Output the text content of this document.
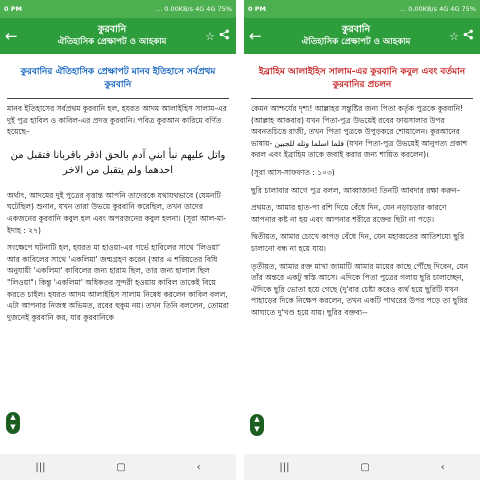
0 PM	... 0.00KB/s 4G 4G 75%
←	কুরবানি
ঐতিহাসিক প্রেক্ষাপট ও আহকাম	☆
কুরবানির ঐতিহাসিক প্রেক্ষাপট মানব ইতিহাসে সর্বপ্রথম কুরবানি

মানব ইতিহাসের সর্বপ্রথম কুরবানি হল, হযরত আদম আলাইহিস সালাম-এর দুই পুত্র হাবিল ও কাবিল-এর প্রদত্ত কুরবানি। পবিত্র কুরআন কারিমে বর্ণিত হয়েছে–

واتل عليهم نبأ ابني آدم بالحق اذقر باقربانا فتقبل من احدهما ولم يتقبل من الاخر

অর্থাৎ, আদমের দুই পুত্রের বৃত্তান্ত আপনি তাদেরকে যথাযথভাবে (যেমনটি ঘটেছিল) শুনান, যখন তারা উভয়ে কুরবানি করেছিল, তখন তাদের একজনের কুরবানি কবুল হল এবং অপরজনের কবুল হলনা। (সূরা আল-মা-ইদাহ : ২৭)

সংক্ষেপে ঘটনাটি হল, হযরত মা হাওয়া-এর গর্ভে হাবিলের সাথে 'লিওয়া' আর কাবিলের সাথে 'একলিমা' জন্মগ্রহণ করেন (আর এ শরিয়তের বিধি অনুযায়ী 'একলিমা' কাবিলের জন্য হারাম ছিল, তার জন্য হালাল ছিল "লিওয়া"। কিন্তু 'একলিমা' অধিকতর সুন্দরী হওয়ায় কাবিল তাকেই বিয়ে করতে চাইল। হযরত আদম আলাইহিস সালাম নিষেধ করলেন কাবিল বলল, এটা আপনার নিজস্ব অভিমত, রবের হুকুম নয়। তখন তিনি বললেন, তোমরা দুজনেই কুরবানি কর, যার কুরবানিকে

▲
▼
|||	▢	‹
0 PM	... 0.00KB/s 4G 4G 75%
←	কুরবানি
ঐতিহাসিক প্রেক্ষাপট ও আহকাম	☆
ইব্রাহিম আলাইহিস সালাম-এর কুরবানি কবুল এবং বর্তমান কুরবানির প্রচলন

কেমন আশ্চর্যের দৃশ্য! আল্লাহর সন্তুষ্টির জন্য পিতা কর্তৃক পুত্রকে কুরবানি! (আল্লাহ আকবার) যখন পিতা-পুত্র উভয়েই রবের ফায়সালার উপর অবনতচিত্তে রাজী, তখন পিতা পুত্রকে উপুড়করে শোয়ালেন। কুরআনের ভাষায়- فلما اسلما وتله للجبين (যখন পিতা-পুত্র উভয়েই আনুগত্য প্রকাশ করল এবং ইব্রাহিম তাকে জবাই করার জন্য শায়িত করলেন)।

(সূরা আস-সাফফাত : ১০৩)

ছুরি চালাবার আগে পুত্র বলল, আব্বাজান! তিনটি আবদার রক্ষা করুন–

প্রথমত, আমার হাত-পা রশি দিয়ে বেঁধে দিন, যেন নড়াচড়ার কারণে আপনার কষ্ট না হয় এবং আপনার শরীরে রক্তের ছিটা না পড়ে।

দ্বিতীয়ত, আমার চোখে কাপড় বেঁধে দিন, যেন মহাব্বতের আতিশয্যে ছুরি চালানো বন্ধ না হয়ে যায়।

তৃতীয়ত, আমার রক্ত মাখা জামাটি আমার মায়ের কাছে পৌঁছে দিবেন, যেন তাঁর অন্তরে একটু স্বস্তি আসে। এদিকে পিতা পুত্রের গলায় ছুরি চালাচ্ছেন, ঐদিকে ছুরি ভোতা হয়ে গেছে (দু'বার চেষ্টা করেও ব্যর্থ হয়ে ছুরিটি যখন পাহাড়ের দিকে নিক্ষেপ করলেন, তখন একটি পাথরের উপর পড়ে তা ছুরির আঘাতে দু'খণ্ড হয়ে যায়। ছুরির বক্তব্য--

▲
▼
|||	▢	‹
